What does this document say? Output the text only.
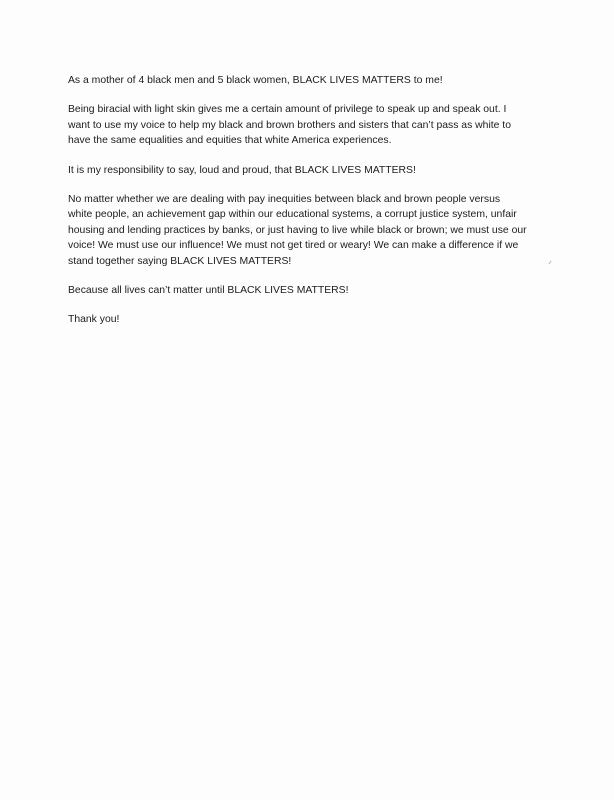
As a mother of 4 black men and 5 black women, BLACK LIVES MATTERS to me!

Being biracial with light skin gives me a certain amount of privilege to speak up and speak out. I
want to use my voice to help my black and brown brothers and sisters that can’t pass as white to
have the same equalities and equities that white America experiences.

It is my responsibility to say, loud and proud, that BLACK LIVES MATTERS!

No matter whether we are dealing with pay inequities between black and brown people versus
white people, an achievement gap within our educational systems, a corrupt justice system, unfair
housing and lending practices by banks, or just having to live while black or brown; we must use our
voice! We must use our influence! We must not get tired or weary! We can make a difference if we
stand together saying BLACK LIVES MATTERS!

Because all lives can’t matter until BLACK LIVES MATTERS!

Thank you!
